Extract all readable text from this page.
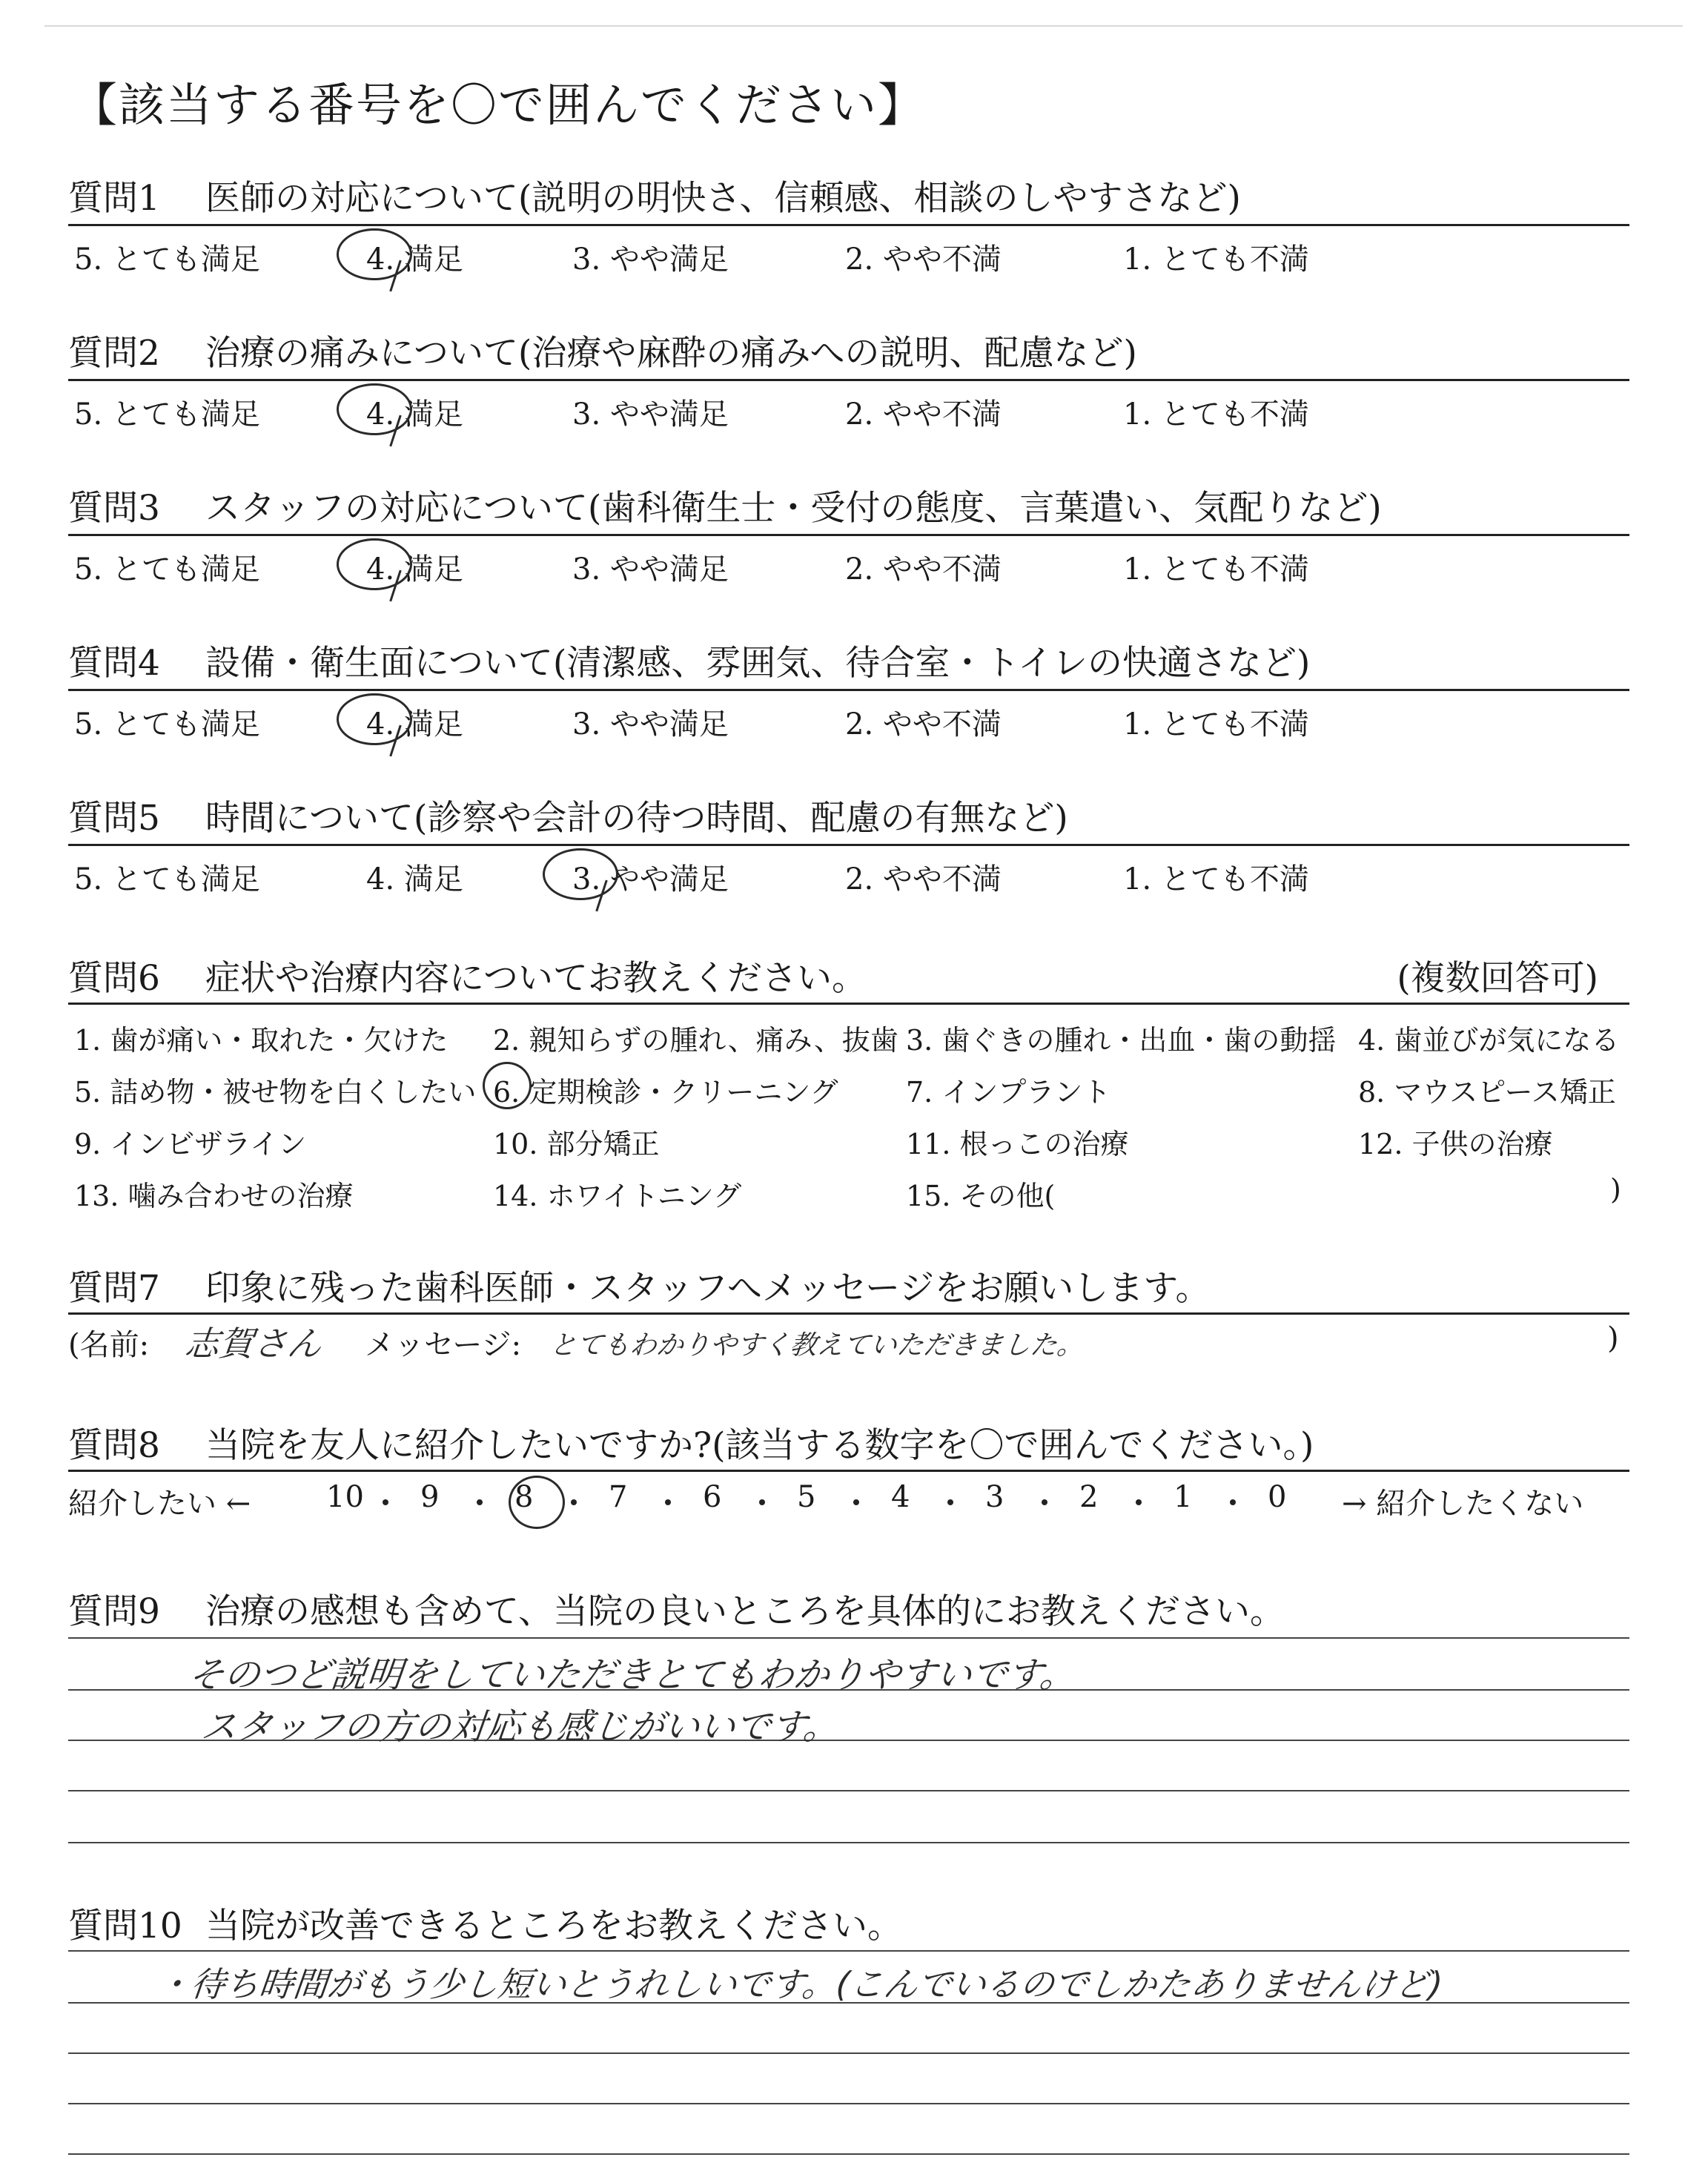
【該当する番号を〇で囲んでください】
質問1 医師の対応について(説明の明快さ、信頼感、相談のしやすさなど)
5. とても満足	4. 満足	3. やや満足	2. やや不満	1. とても不満
質問2 治療の痛みについて(治療や麻酔の痛みへの説明、配慮など)
5. とても満足	4. 満足	3. やや満足	2. やや不満	1. とても不満
質問3 スタッフの対応について(歯科衛生士・受付の態度、言葉遣い、気配りなど)
5. とても満足	4. 満足	3. やや満足	2. やや不満	1. とても不満
質問4 設備・衛生面について(清潔感、雰囲気、待合室・トイレの快適さなど)
5. とても満足	4. 満足	3. やや満足	2. やや不満	1. とても不満
質問5 時間について(診察や会計の待つ時間、配慮の有無など)
5. とても満足	4. 満足	3. やや満足	2. やや不満	1. とても不満
質問6 症状や治療内容についてお教えください。	(複数回答可)
1. 歯が痛い・取れた・欠けた 2. 親知らずの腫れ、痛み、抜歯 3. 歯ぐきの腫れ・出血・歯の動揺 4. 歯並びが気になる
5. 詰め物・被せ物を白くしたい 6. 定期検診・クリーニング 7. インプラント	8. マウスピース矯正
9. インビザライン	10. 部分矯正	11. 根っこの治療	12. 子供の治療
13. 噛み合わせの治療	14. ホワイトニング	15. その他(	)
質問7 印象に残った歯科医師・スタッフへメッセージをお願いします。
(名前: 志賀さん メッセージ: とてもわかりやすく教えていただきました。	)
質問8 当院を友人に紹介したいですか?(該当する数字を〇で囲んでください。)
紹介したい ←	10 9	8	7	6	5	4	3	2	1	0 → 紹介したくない
質問9 治療の感想も含めて、当院の良いところを具体的にお教えください。
そのつど説明をしていただきとてもわかりやすいです。
スタッフの方の対応も感じがいいです。
質問10 当院が改善できるところをお教えください。
・待ち時間がもう少し短いとうれしいです。(こんでいるのでしかたありませんけど)
